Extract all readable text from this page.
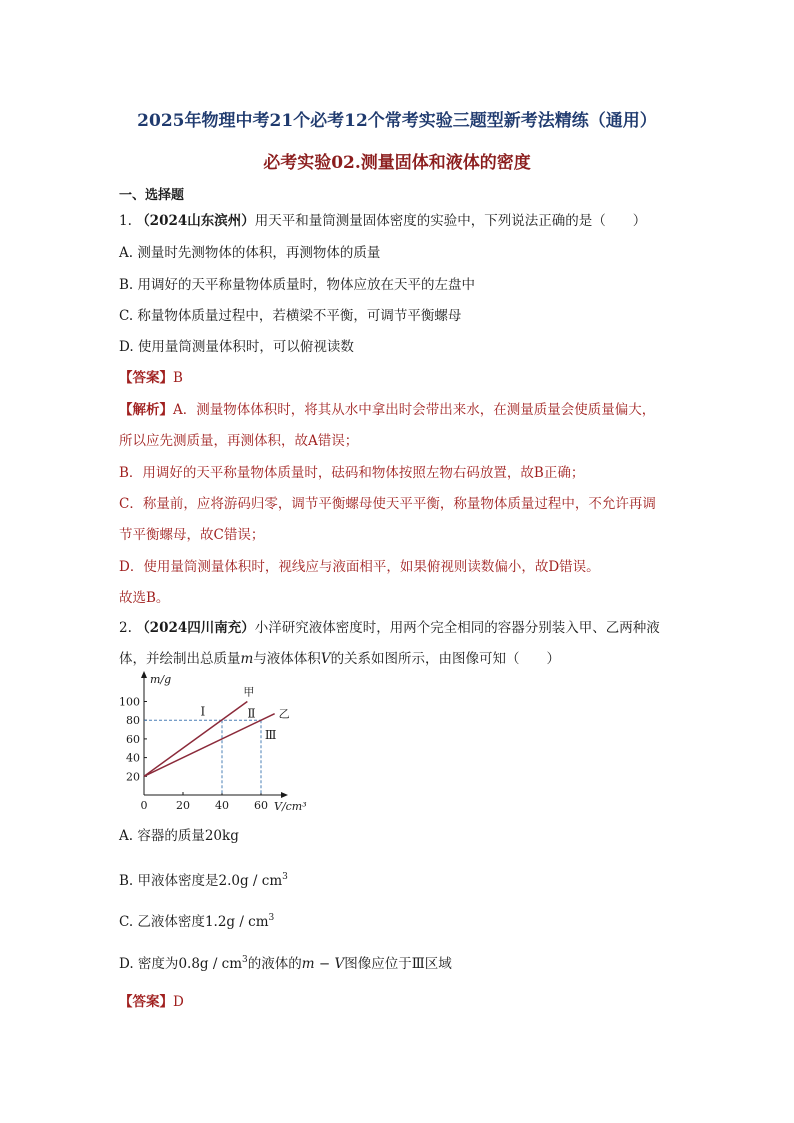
2025年物理中考21个必考12个常考实验三题型新考法精练（通用）
必考实验02.测量固体和液体的密度
一、选择题
1. （2024山东滨州）用天平和量筒测量固体密度的实验中，下列说法正确的是（　　）
A. 测量时先测物体的体积，再测物体的质量
B. 用调好的天平称量物体质量时，物体应放在天平的左盘中
C. 称量物体质量过程中，若横梁不平衡，可调节平衡螺母
D. 使用量筒测量体积时，可以俯视读数
【答案】B
【解析】A．测量物体体积时，将其从水中拿出时会带出来水，在测量质量会使质量偏大，
所以应先测质量，再测体积，故A错误；
B．用调好的天平称量物体质量时，砝码和物体按照左物右码放置，故B正确；
C．称量前，应将游码归零，调节平衡螺母使天平平衡，称量物体质量过程中，不允许再调
节平衡螺母，故C错误；
D．使用量筒测量体积时，视线应与液面相平，如果俯视则读数偏小，故D错误。
故选B。
2. （2024四川南充）小洋研究液体密度时，用两个完全相同的容器分别装入甲、乙两种液
体，并绘制出总质量m与液体体积V的关系如图所示，由图像可知（　　）
m/g
V/cm³
20
40
60
80
100
0	20 40 60
甲
乙
Ⅰ	Ⅱ
Ⅲ
A. 容器的质量20kg
B. 甲液体密度是$2.0g / cm^3$
C. 乙液体密度$1.2g / cm^3$
D. 密度为$0.8g / cm^3$的液体的m − V图像应位于Ⅲ区域
【答案】D
